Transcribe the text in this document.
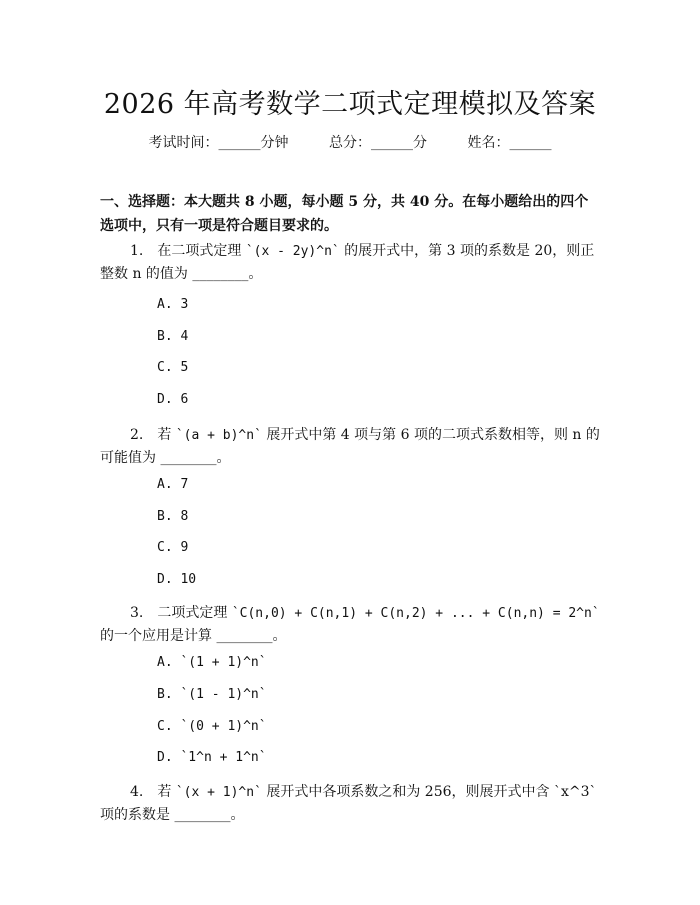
2026 年高考数学二项式定理模拟及答案
考试时间：______分钟	总分：______分	姓名：______
一、选择题：本大题共 8 小题，每小题 5 分，共 40 分。在每小题给出的四个选项中，只有一项是符合题目要求的。
1. 在二项式定理 `(x - 2y)^n` 的展开式中，第 3 项的系数是 20，则正整数 n 的值为 ________。
A. 3
B. 4
C. 5
D. 6
2. 若 `(a + b)^n` 展开式中第 4 项与第 6 项的二项式系数相等，则 n 的可能值为 ________。
A. 7
B. 8
C. 9
D. 10
3. 二项式定理 `C(n,0) + C(n,1) + C(n,2) + ... + C(n,n) = 2^n` 的一个应用是计算 ________。
A. `(1 + 1)^n`
B. `(1 - 1)^n`
C. `(0 + 1)^n`
D. `1^n + 1^n`
4. 若 `(x + 1)^n` 展开式中各项系数之和为 256，则展开式中含 `x^3` 项的系数是 ________。
